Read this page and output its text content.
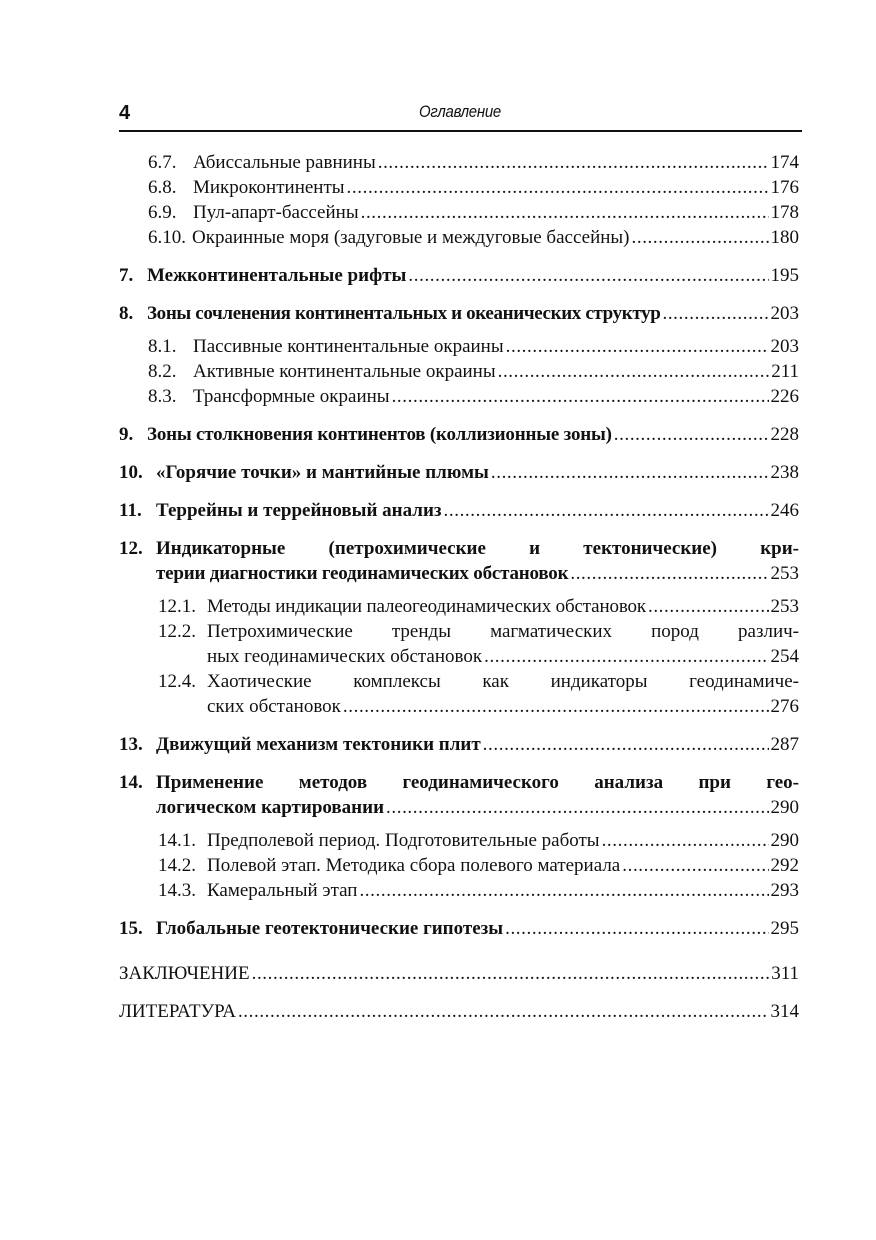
4	Оглавление
6.7. Абиссальные равнины .....	174
6.8. Микроконтиненты .....	176
6.9. Пул-апарт-бассейны .....	178
6.10. Окраинные моря (задуговые и междуговые бассейны) .....	180
7. Межконтинентальные рифты .....	195
8. Зоны сочленения континентальных и океанических структур .....	203
8.1. Пассивные континентальные окраины .....	203
8.2. Активные континентальные окраины .....	211
8.3. Трансформные окраины .....	226
9. Зоны столкновения континентов (коллизионные зоны) .....	228
10. «Горячие точки» и мантийные плюмы .....	238
11. Террейны и террейновый анализ .....	246
12. Индикаторные (петрохимические и тектонические) кри-
терии диагностики геодинамических обстановок .....	253
12.1. Методы индикации палеогеодинамических обстановок .....	253
12.2. Петрохимические тренды магматических пород различ-
ных геодинамических обстановок .....	254
12.4. Хаотические комплексы как индикаторы геодинамиче-
ских обстановок .....	276
13. Движущий механизм тектоники плит .....	287
14. Применение методов геодинамического анализа при гео-
логическом картировании .....	290
14.1. Предполевой период. Подготовительные работы .....	290
14.2. Полевой этап. Методика сбора полевого материала .....	292
14.3. Камеральный этап .....	293
15. Глобальные геотектонические гипотезы .....	295
ЗАКЛЮЧЕНИЕ .....	311
ЛИТЕРАТУРА .....	314
